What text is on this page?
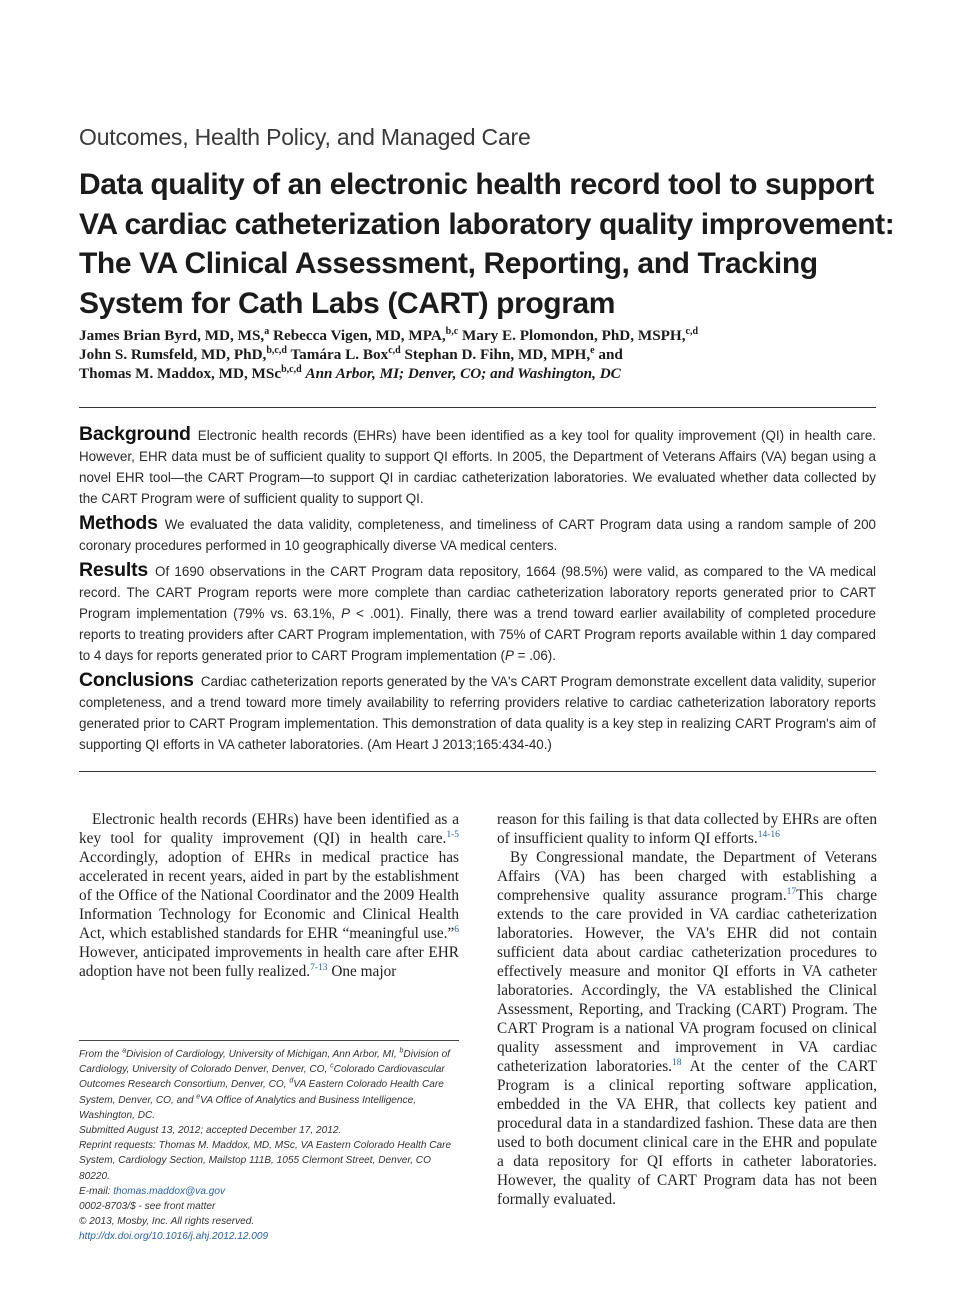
Outcomes, Health Policy, and Managed Care
Data quality of an electronic health record tool to support VA cardiac catheterization laboratory quality improvement: The VA Clinical Assessment, Reporting, and Tracking System for Cath Labs (CART) program
James Brian Byrd, MD, MS,$^a$ Rebecca Vigen, MD, MPA,$^{b,c}$ Mary E. Plomondon, PhD, MSPH,$^{c,d}$
John S. Rumsfeld, MD, PhD,$^{b,c,d}$ Tamára L. Box$^{c,d}$ Stephan D. Fihn, MD, MPH,$^e$ and
Thomas M. Maddox, MD, MSc$^{b,c,d}$ Ann Arbor, MI; Denver, CO; and Washington, DC

Background Electronic health records (EHRs) have been identified as a key tool for quality improvement (QI) in health care. However, EHR data must be of sufficient quality to support QI efforts. In 2005, the Department of Veterans Affairs (VA) began using a novel EHR tool—the CART Program—to support QI in cardiac catheterization laboratories. We evaluated whether data collected by the CART Program were of sufficient quality to support QI.

Methods We evaluated the data validity, completeness, and timeliness of CART Program data using a random sample of 200 coronary procedures performed in 10 geographically diverse VA medical centers.

Results Of 1690 observations in the CART Program data repository, 1664 (98.5%) were valid, as compared to the VA medical record. The CART Program reports were more complete than cardiac catheterization laboratory reports generated prior to CART Program implementation (79% vs. 63.1%, P < .001). Finally, there was a trend toward earlier availability of completed procedure reports to treating providers after CART Program implementation, with 75% of CART Program reports available within 1 day compared to 4 days for reports generated prior to CART Program implementation (P = .06).

Conclusions Cardiac catheterization reports generated by the VA's CART Program demonstrate excellent data validity, superior completeness, and a trend toward more timely availability to referring providers relative to cardiac catheterization laboratory reports generated prior to CART Program implementation. This demonstration of data quality is a key step in realizing CART Program's aim of supporting QI efforts in VA catheter laboratories. (Am Heart J 2013;165:434-40.)

Electronic health records (EHRs) have been identified as a key tool for quality improvement (QI) in health care.$^{1-5}$ Accordingly, adoption of EHRs in medical practice has accelerated in recent years, aided in part by the establishment of the Office of the National Coordinator and the 2009 Health Information Technology for Economic and Clinical Health Act, which established standards for EHR “meaningful use.”$^6$ However, anticipated improvements in health care after EHR adoption have not been fully realized.$^{7-13}$ One major

From the $^a$Division of Cardiology, University of Michigan, Ann Arbor, MI, $^b$Division of Cardiology, University of Colorado Denver, Denver, CO, $^c$Colorado Cardiovascular Outcomes Research Consortium, Denver, CO, $^d$VA Eastern Colorado Health Care System, Denver, CO, and $^e$VA Office of Analytics and Business Intelligence, Washington, DC.
Submitted August 13, 2012; accepted December 17, 2012.
Reprint requests: Thomas M. Maddox, MD, MSc, VA Eastern Colorado Health Care System, Cardiology Section, Mailstop 111B, 1055 Clermont Street, Denver, CO 80220.
E-mail: thomas.maddox@va.gov
0002-8703/$ - see front matter
© 2013, Mosby, Inc. All rights reserved.
http://dx.doi.org/10.1016/j.ahj.2012.12.009

reason for this failing is that data collected by EHRs are often of insufficient quality to inform QI efforts.$^{14-16}$

By Congressional mandate, the Department of Veterans Affairs (VA) has been charged with establishing a comprehensive quality assurance program.$^{17}$This charge extends to the care provided in VA cardiac catheterization laboratories. However, the VA's EHR did not contain sufficient data about cardiac catheterization procedures to effectively measure and monitor QI efforts in VA catheter laboratories. Accordingly, the VA established the Clinical Assessment, Reporting, and Tracking (CART) Program. The CART Program is a national VA program focused on clinical quality assessment and improvement in VA cardiac catheterization laboratories.$^{18}$ At the center of the CART Program is a clinical reporting software application, embedded in the VA EHR, that collects key patient and procedural data in a standardized fashion. These data are then used to both document clinical care in the EHR and populate a data repository for QI efforts in catheter laboratories. However, the quality of CART Program data has not been formally evaluated.
